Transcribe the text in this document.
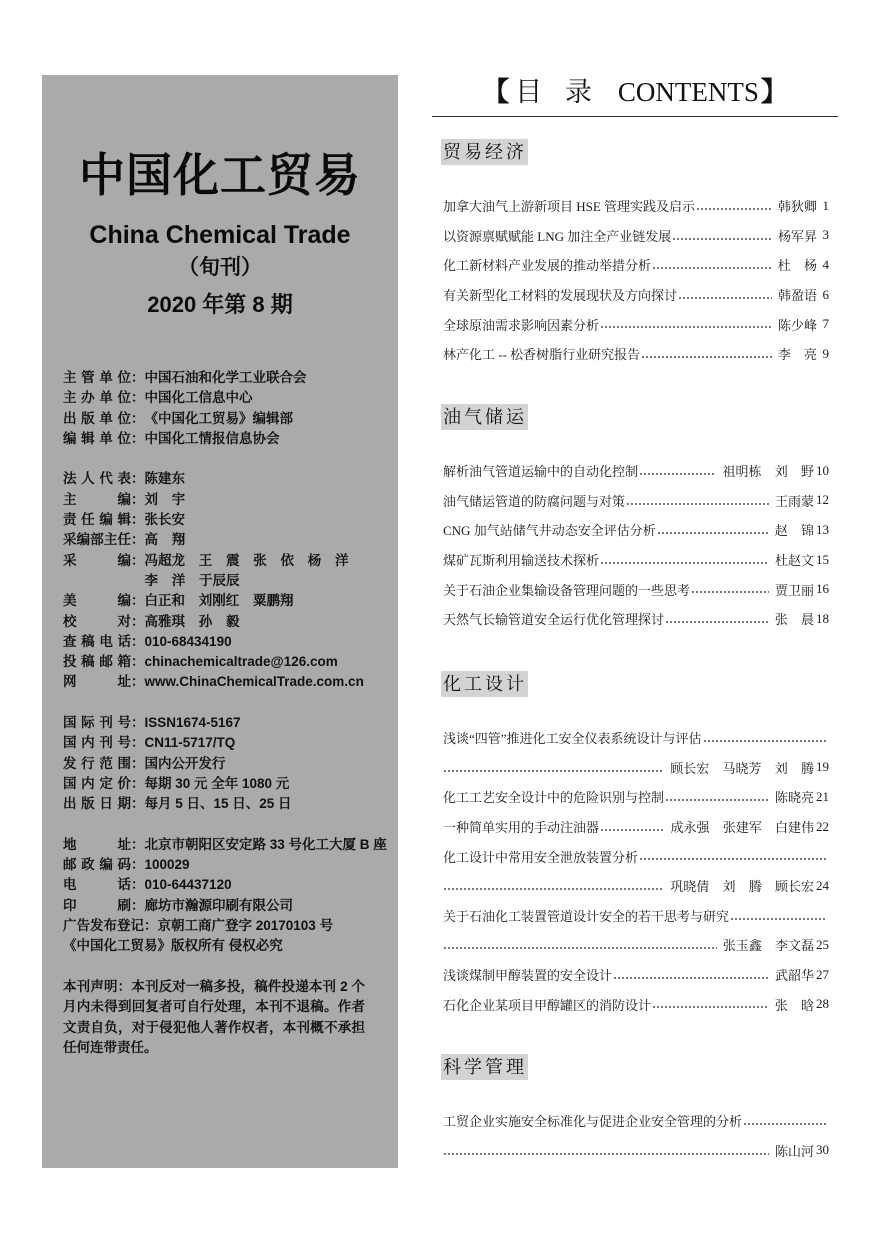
中国化工贸易
China Chemical Trade
（旬刊）
2020 年第 8 期
主 管 单 位：中国石油和化学工业联合会
主 办 单 位：中国化工信息中心
出 版 单 位：《中国化工贸易》编辑部
编 辑 单 位：中国化工情报信息协会
法 人 代 表：陈建东
主 编：刘 宇
责 任 编 辑：张长安
采编部主任：高 翔
采 编：冯超龙 王 震 张 依 杨 洋
李 洋 于辰辰
美 编：白正和 刘刚红 粟鹏翔
校 对：高雅琪 孙 毅
查 稿 电 话：010-68434190
投 稿 邮 箱：chinachemicaltrade@126.com
网 址：www.ChinaChemicalTrade.com.cn
国 际 刊 号：ISSN1674-5167
国 内 刊 号：CN11-5717/TQ
发 行 范 围：国内公开发行
国 内 定 价：每期 30 元 全年 1080 元
出 版 日 期：每月 5 日、15 日、25 日
地 址：北京市朝阳区安定路 33 号化工大厦 B 座
邮 政 编 码：100029
电 话：010-64437120
印 刷：廊坊市瀚源印刷有限公司
广告发布登记：京朝工商广登字 20170103 号
《中国化工贸易》版权所有 侵权必究
本刊声明：本刊反对一稿多投，稿件投递本刊 2 个月内未得到回复者可自行处理，本刊不退稿。作者文责自负，对于侵犯他人著作权者，本刊概不承担任何连带责任。
【 目 录 CONTENTS】
贸易经济
加拿大油气上游新项目 HSE 管理实践及启示	韩狄卿 1
以资源禀赋赋能 LNG 加注全产业链发展	杨军昇 3
化工新材料产业发展的推动举措分析	杜 杨 4
有关新型化工材料的发展现状及方向探讨	韩盈语 6
全球原油需求影响因素分析	陈少峰 7
林产化工 -- 松香树脂行业研究报告	李 亮 9
油气储运
解析油气管道运输中的自动化控制	祖明栋 刘 野 10
油气储运管道的防腐问题与对策	王雨蒙 12
CNG 加气站储气井动态安全评估分析	赵 锦 13
煤矿瓦斯利用输送技术探析	杜赵文 15
关于石油企业集输设备管理问题的一些思考	贾卫丽 16
天然气长输管道安全运行优化管理探讨	张 晨 18
化工设计
浅谈“四管”推进化工安全仪表系统设计与评估
顾长宏 马晓芳 刘 腾 19
化工工艺安全设计中的危险识别与控制	陈晓亮 21
一种简单实用的手动注油器	成永强 张建军 白建伟 22
化工设计中常用安全泄放装置分析
巩晓倩 刘 腾 顾长宏 24
关于石油化工装置管道设计安全的若干思考与研究
张玉鑫 李文磊 25
浅谈煤制甲醇装置的安全设计	武韶华 27
石化企业某项目甲醇罐区的消防设计	张 晗 28
科学管理
工贸企业实施安全标准化与促进企业安全管理的分析
陈山河 30
